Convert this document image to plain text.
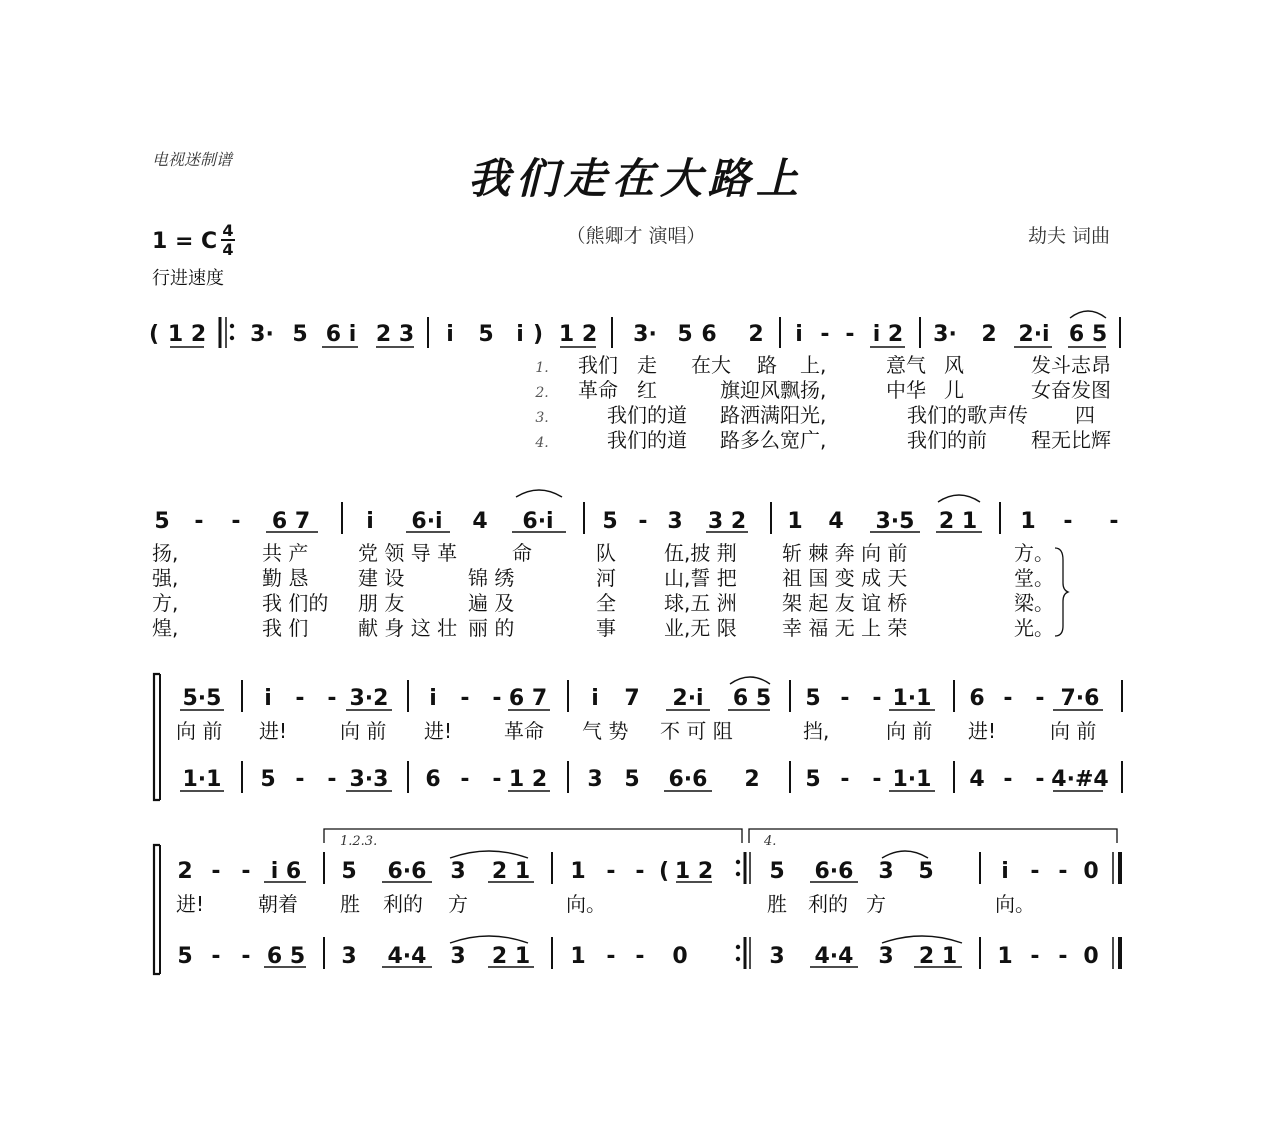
电视迷制谱	我们走在大路上
1 = C 4
4
（熊卿才 演唱）	劫夫 词曲
行进速度
( 1 2 3· 5 6 i 2 3 i 5 i ) 1 2 3· 5 6 2 i - - i 2 3· 2 2·i 6 5
1. 我们 走 在大 路 上,	意气 风	发斗志昂
2. 革命 红	旗迎风飘 扬,	中华 儿	女奋发图
3.	我们的道 路洒满阳 光,	我们的歌 声传 四
4.	我们的道 路多么宽 广,	我们的前 程无比辉
5 - - 6 7	i 6·i 4 6·i 5 - 3 3 2 1 4 3·5 2 1 1 - -
扬,	共 产 党 领 导 革	命	队 伍,披 荆 斩 棘 奔 向 前	方。
强,	勤 恳 建 设	锦 绣	河 山,誓 把 祖 国 变 成 天	堂。
方,	我 们的 朋 友	遍 及	全 球,五 洲 架 起 友 谊 桥	梁。
煌,	我 们 献 身 这 壮 丽 的	事 业,无 限 幸 福 无 上 荣	光。
5·5 i - - 3·2 i - - 6 7 i 7 2·i 6 5 5 - - 1·1 6 - - 7·6
1·1 5 - - 3·3 6 - - 1 2 3 5 6·6 2 5 - - 1·1 4 - - 4·#4
向 前 进!	向 前 进!	革命 气 势 不 可 阻	挡,	向 前 进!	向 前
1.2.3.	4.
2 - - i 6 5 6·6 3 2 1 1 - - ( 1 2	5 6·6 3 5	i - - 0
进!	朝着 胜 利的 方	向。	胜 利的 方	向。
5 - - 6 5 3 4·4 3 2 1 1 - - 0	3 4·4 3 2 1 1 - - 0
